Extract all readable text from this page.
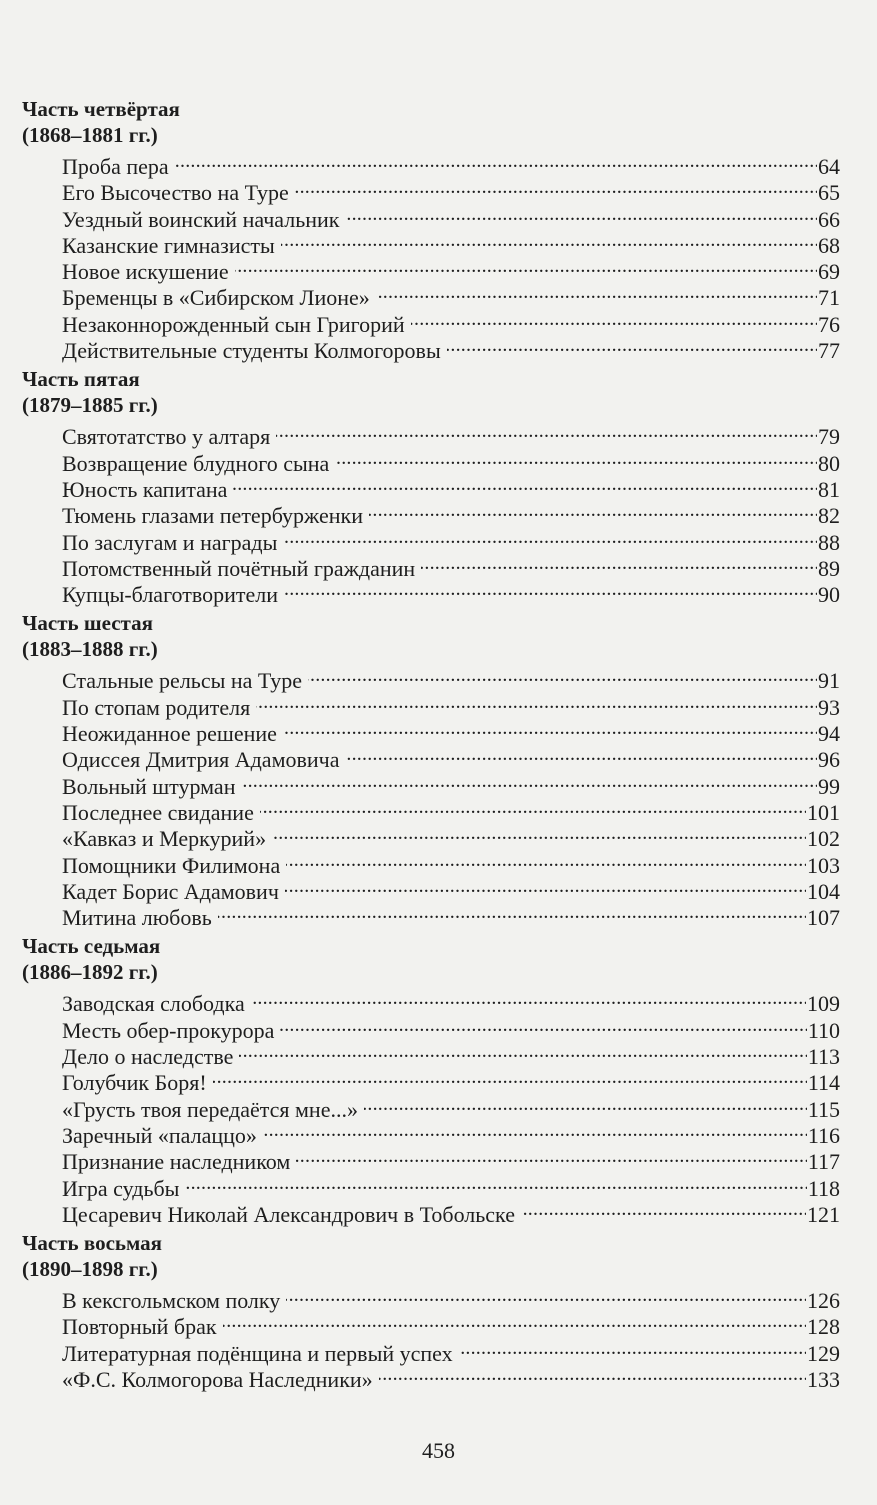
Часть четвёртая
(1868–1881 гг.)
Проба пера . . .	64
Его Высочество на Туре . . .	65
Уездный воинский начальник . . .	66
Казанские гимназисты . . .	68
Новое искушение . . .	69
Бременцы в «Сибирском Лионе» . . .	71
Незаконнорожденный сын Григорий . . .	76
Действительные студенты Колмогоровы . . .	77
Часть пятая
(1879–1885 гг.)
Святотатство у алтаря . . .	79
Возвращение блудного сына . . .	80
Юность капитана . . .	81
Тюмень глазами петербурженки . . .	82
По заслугам и награды . . .	88
Потомственный почётный гражданин . . .	89
Купцы-благотворители . . .	90
Часть шестая
(1883–1888 гг.)
Стальные рельсы на Туре . . .	91
По стопам родителя . . .	93
Неожиданное решение . . .	94
Одиссея Дмитрия Адамовича . . .	96
Вольный штурман . . .	99
Последнее свидание . . .	101
«Кавказ и Меркурий» . . .	102
Помощники Филимона . . .	103
Кадет Борис Адамович . . .	104
Митина любовь . . .	107
Часть седьмая
(1886–1892 гг.)
Заводская слободка . . .	109
Месть обер-прокурора . . .	110
Дело о наследстве . . .	113
Голубчик Боря! . . .	114
«Грусть твоя передаётся мне...» . . .	115
Заречный «палаццо» . . .	116
Признание наследником . . .	117
Игра судьбы . . .	118
Цесаревич Николай Александрович в Тобольске . . .	121
Часть восьмая
(1890–1898 гг.)
В кексгольмском полку . . .	126
Повторный брак . . .	128
Литературная подёнщина и первый успех . . .	129
«Ф.С. Колмогорова Наследники» . . .	133
458
